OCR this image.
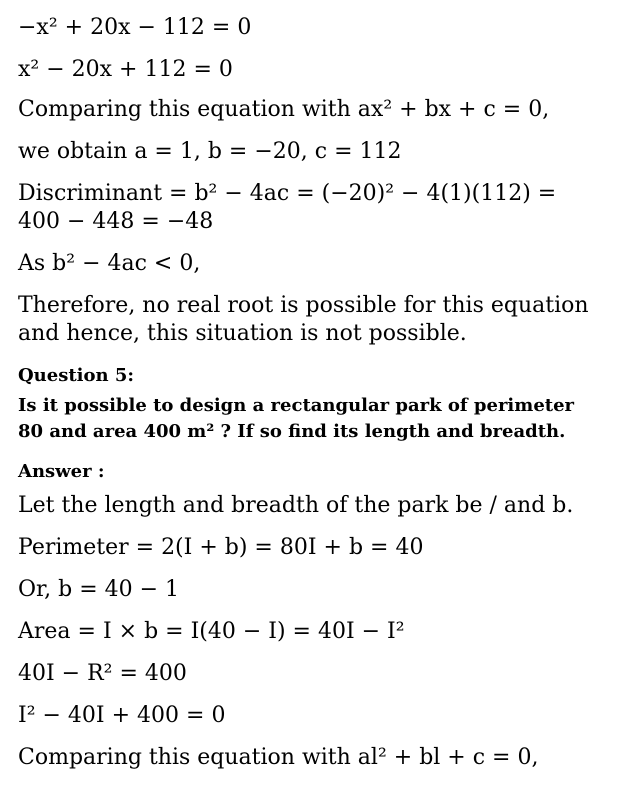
−x² + 20x − 112 = 0
x² − 20x + 112 = 0
Comparing this equation with ax² + bx + c = 0,
we obtain a = 1, b = −20, c = 112
Discriminant = b² − 4ac = (−20)² − 4(1)(112) =
400 − 448 = −48
As b² − 4ac < 0,
Therefore, no real root is possible for this equation
and hence, this situation is not possible.
Question 5:
Is it possible to design a rectangular park of perimeter
80 and area 400 m² ? If so find its length and breadth.
Answer :
Let the length and breadth of the park be / and b.
Perimeter = 2(I + b) = 80I + b = 40
Or, b = 40 − 1
Area = I × b = I(40 − I) = 40I − I²
40I − R² = 400
I² − 40I + 400 = 0
Comparing this equation with al² + bl + c = 0,
